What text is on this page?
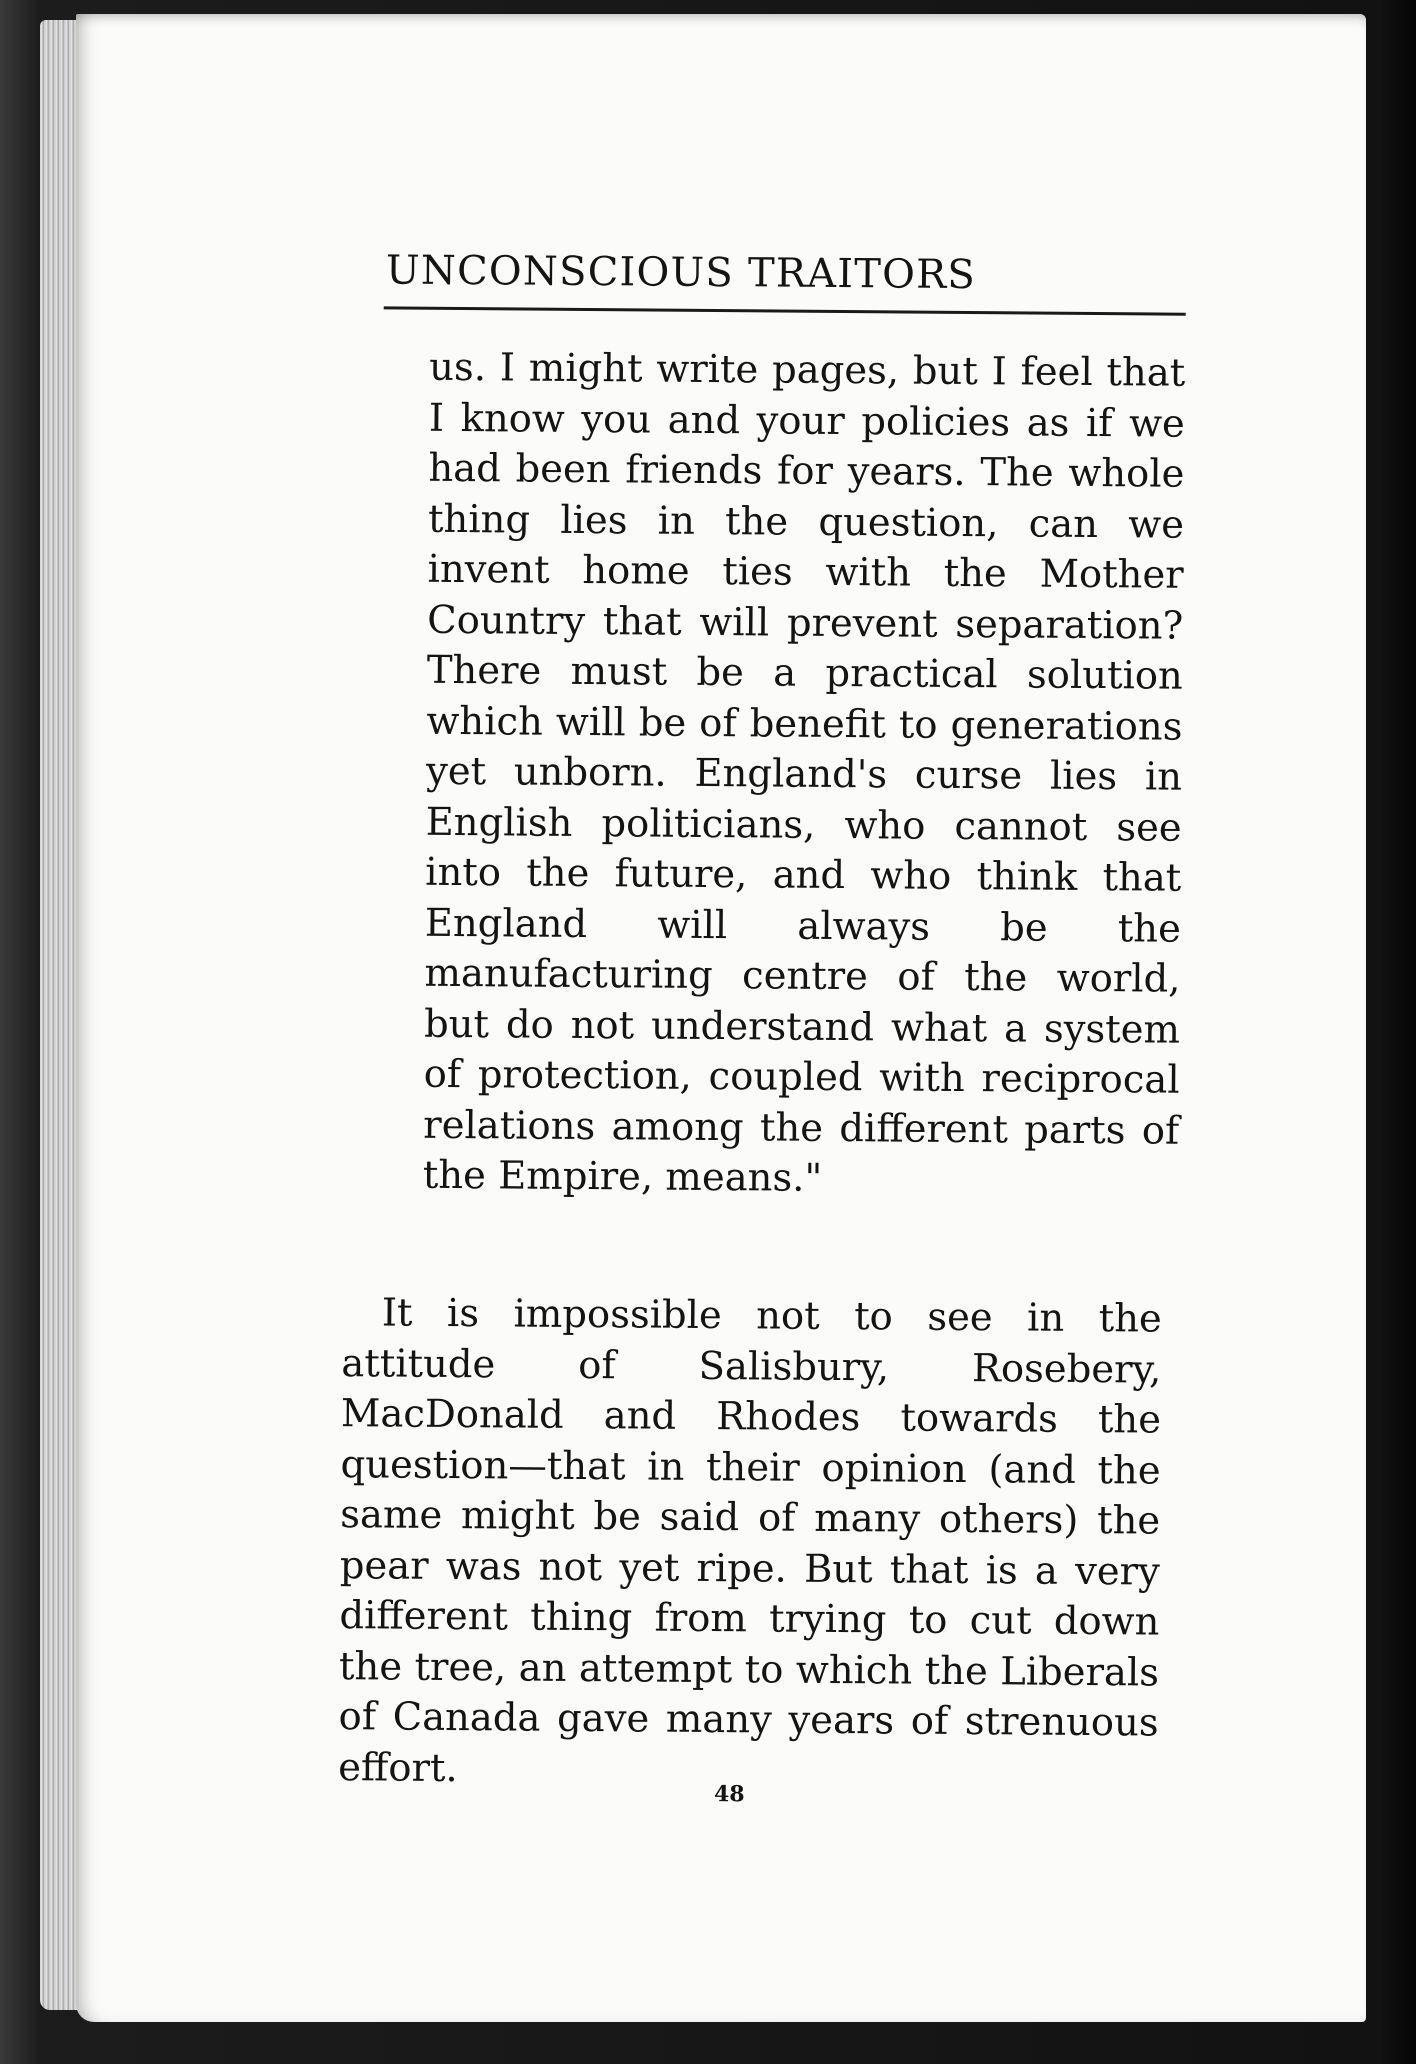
UNCONSCIOUS TRAITORS

us. I might write pages, but I feel that I know you and your policies as if we had been friends for years. The whole thing lies in the question, can we invent home ties with the Mother Country that will prevent separation? There must be a practical solution which will be of benefit to generations yet unborn. England's curse lies in English politicians, who cannot see into the future, and who think that England will always be the manufacturing centre of the world, but do not understand what a system of protection, coupled with reciprocal relations among the different parts of the Empire, means."

It is impossible not to see in the attitude of Salisbury, Rosebery, MacDonald and Rhodes towards the question—that in their opinion (and the same might be said of many others) the pear was not yet ripe. But that is a very different thing from trying to cut down the tree, an attempt to which the Liberals of Canada gave many years of strenuous effort.

48
